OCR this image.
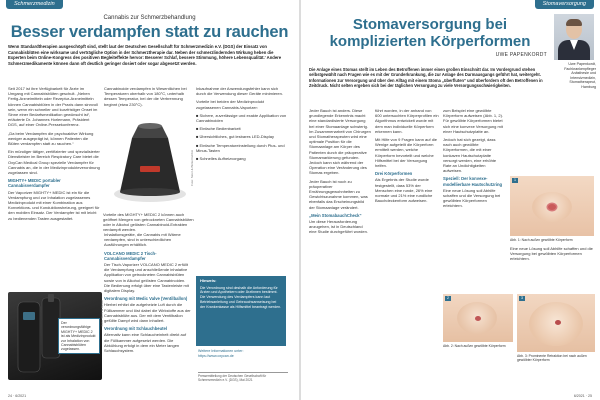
Schmerzmedizin
Cannabis zur Schmerzbehandlung
Besser verdampfen statt zu rauchen
Wenn Standardtherapien ausgeschöpft sind, stellt laut der Deutschen Gesellschaft für Schmerzmedizin e.V. (DGS) der Einsatz von Cannabisblüten eine wirksame und verträgliche Option in der Schmerztherapie dar. Neben der schmerzlindernden Wirkung heben die Experten beim Online-Kongress des positiven Begleiteffekte hervor: Besserer Schlaf, bessere Stimmung, höhere Lebensqualität.' Andere Schmerzmedikamente können dann oft deutlich geringer dosiert oder sogar abgesetzt werden.

Seit 2017 ist ihre Verfügbarkeit für Ärzte im Umgang mit Cannabisblüten geschult. „Neben Fertig-Arzneimitteln oder Rezeptur-Arzneimitteln können Cannabisblüten in der Praxis dann sinnvoll sein, wenn ein schneller und kurzfristiger Onset im Sinne einer Bedarfsmedikation gewünscht ist“, erläuterte Dr. Johannes Horlemann, Präsident DGS, auf einer Online-Pressekonferenz.

„Da beim Verdampfen die psychoaktive Wirkung weniger ausgeprägt ist, können Patienten die Blüten verdampfen statt zu rauchen.“

Ein mündiger tätiger, zertifizierter und spezialisierter Dienstleister im Bereich Respiratory Care bietet die OxyCan Medical Group spezielle Verdampfer für Cannabis an, die in der Medizinprodukteverordnung zugelassen sind.

MIGHTY+ MEDIC portabler Cannabisverdampfer

Der Vaporizer MIGHTY+ MEDIC ist ein für die Verdampfung und zur Inhalation zugelassenes Medizinprodukt mit einer Kombination aus Konvektions- und Konduktionsheizung, geeignet für den mobilen Einsatz. Der Verdampfer ist mit leicht zu bedienenden Tasten ausgestattet.

Der verordnungsfähige MIGHTY+ MEDIC 2 ist als Medizinprodukt zur Inhalation von Cannabisblüten zugelassen.
Foto: Storz & Bickel

Cannabinoide verdampfen in Wesentlichen bei Temperaturen oberhalb von 180°C, unterhalb dessen Temperatur, bei der die Verbrennung beginnt (etwa 230°C).

Vorteile des MIGHTY+ MEDIC 2 können auch geöffnet Mengen von getrockneten Cannabisblüten oder in Alkohol gelösten Cannabinoid-Extrakten verdampft werden.

Inhalationsgeräte, die Cannabis mit Wärme verdampfen, sind in unterschiedlichen Ausführungen erhältlich.

VOLCANO MEDIC 2 Tisch-Cannabisverdampfer

Der Tisch-Vaporizer VOLCANO MEDIC 2 erfüllt die Verdampfung und anschließende inhalative Applikation von getrockneten Cannabisblüten sowie von in Alkohol gelösten Cannabinoiden. Die Bedienung erfolgt über eine Tastenleiste mit digitalem Display.

Verordnung mit Medic Valve (Ventilballon)

Hierbei erhitzt die aufgeheizte Luft durch die Füllkammer und löst dabei die Wirkstoffe aus der Cannabisblüte aus. Der mit dem Ventilballon gefüllte Dampf wird dann inhaliert.

Verordnung mit Schlauchbeutel

Alternativ kann eine Schlaucheinheit direkt auf die Füllkammer aufgesetzt werden. Die Abkühlung erfolgt in dem ein Meter langen Schlauchsystem.

Inkaufnahme der Anwendungsfehler kann sich durch die Verwendung dieser Geräte minimieren.

Vorteile bei beiden der Medizinprodukt zugelassenen Cannabis-Vaporizer:

■ Sichere, zuverlässige und exakte Applikation von Cannabinoiden

■ Einfache Bedienbarkeit

■ Übersichtliches, gut lesbares LED-Display

■ Einfache Temperatureinstellung durch Plus- und Minus-Tasten

■ Schnelles Aufheizvorgang

Foto: Storz & Bickel GmbH
Hinweis:
Die Verordnung sind deshalb die Anforderung für Ärzten und Apothekern oder Ärztinnen bestimmt. Die Verwendung des Verdampfers kann laut Betriebsanleitung und Gebrauchsanweisung bei der Krankenkasse als Hilfsmittel beantragt werden.
Weitere Informationen unter:
https://www.oxycan.de
Pressemitteilung der Deutschen Gesellschaft für Schmerzmedizin e.V. (DGS), Mai 2021
24 · 6/2021
Stomaversorgung
Stomaversorgung bei komplizierten Körperformen
UWE PAPENKORDT
Uwe Papenkordt, Fachkrankenpfleger Anästhesie und Intensivmedizin, Stomatherapeut, Hamburg
Die Anlage eines Stomas stellt im Leben des Betroffenen immer einen großen Einschnitt dar. Im Vordergrund stehen selbstgewählt nach Fragen wie es mit der Grunderkrankung, die zur Anlage des Darmausgangs geführt hat, weitergeht. Informationen zur Versorgung und über den Alltag mit einem Stoma „überfluten“ und überfordern oft den Betroffenen in Zeitdruck. Nicht selten ergeben sich bei der täglichen Versorgung zu viele Versorgungsschwierigkeiten.

Jeder Bauch ist anders. Diese grundlegende Erkenntnis macht eine standardisierte Versorgung bei einer Stomaanlage schwierig. Im Zusammenarbeit von Chirurgen und Stomatherapeuten wird eine optimale Position für die Stomaanlage am Körper des Patienten durch die präoperative Stomamarkierung gefunden. Jedoch kann sich während der Operation eine Veränderung des Stomas ergeben.

Jeder Bauch ist noch zu präoperativer Ernährungsgewohnheiten zu Gewichtszunahme kommen, was ebenfalls das Erscheinungsbild der Stomaanlage verändert.

„Mein StomabauchCheck“

Um diese Herausforderung anzugehen, ist in Deutschland eine Studie durchgeführt worden.

führt worden, in der anhand von 600 untersuchten Körperprofilen ein Algorithmus entwickelt wurde mit dem man individuelle Körperform erkennen kann.

Mit Hilfe von 9 Fragen kann auf die Wenige aufgeteilt die Körperform ermittelt werden, welche Körperform bevorteilt und welche Hilfsmittel bei der Versorgung helfen.

Drei Körperformen

Als Ergebnis der Studie wurde festgestellt, dass 53% der Menschen eine runde, 26% eine normale und 21% eine rundliche Bauchdeckenform aufweisen.

zum Beispiel eine gewölbte Körperform aufweisen (Abb. 1, 2). Für gewölbte Körperformen bietet sich eine konvexe Versorgung mit einer Hautschutzplatte an.

Jedoch hat sich gezeigt, dass nach auch gewölbte Körperformen, die mit einer konkaven Hautschutzplatte versorgt werden, eine erhöhte Rate an Undichtigkeiten aufweisen.

Speziell: Der konvexe-modellierbare Hautschutzring

Eine neue Lösung soll Abhilfe schaffen und die Versorgung bei gewölbten Körperformen erleichtern.

1
Abb. 1: Nach außen gewölbte Körperform
2
Abb. 2: Nach außen gewölbte Körperform
3
Abb. 3: Prominente Retraktion bei nach außen gewölbter Körperform

Eine neue Lösung soll Abhilfe schaffen und die Versorgung bei gewölbten Körperformen erleichtern.

6/2021 · 25
